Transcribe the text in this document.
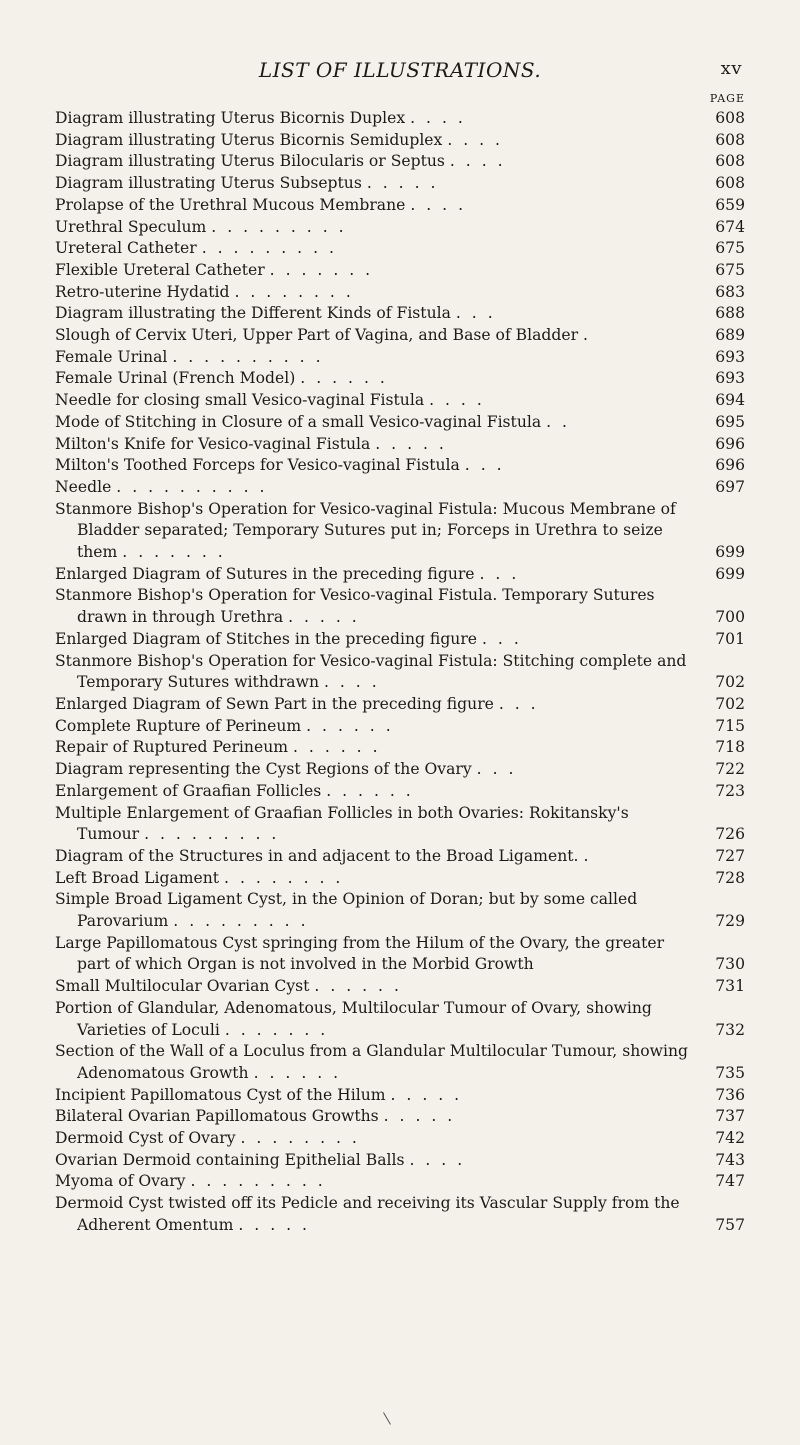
LIST OF ILLUSTRATIONS.	xv
PAGE
Diagram illustrating Uterus Bicornis Duplex . . . .	608
Diagram illustrating Uterus Bicornis Semiduplex . . . .	608
Diagram illustrating Uterus Bilocularis or Septus . . . .	608
Diagram illustrating Uterus Subseptus . . . . .	608
Prolapse of the Urethral Mucous Membrane . . . .	659
Urethral Speculum . . . . . . . . .	674
Ureteral Catheter . . . . . . . . .	675
Flexible Ureteral Catheter . . . . . . .	675
Retro-uterine Hydatid . . . . . . . .	683
Diagram illustrating the Different Kinds of Fistula . . .	688
Slough of Cervix Uteri, Upper Part of Vagina, and Base of Bladder .	689
Female Urinal . . . . . . . . . .	693
Female Urinal (French Model) . . . . . .	693
Needle for closing small Vesico-vaginal Fistula . . . .	694
Mode of Stitching in Closure of a small Vesico-vaginal Fistula . .	695
Milton's Knife for Vesico-vaginal Fistula . . . . .	696
Milton's Toothed Forceps for Vesico-vaginal Fistula . . .	696
Needle . . . . . . . . . .	697
Stanmore Bishop's Operation for Vesico-vaginal Fistula: Mucous Membrane of Bladder separated; Temporary Sutures put in; Forceps in Urethra to seize them . . . . . . .	699
Enlarged Diagram of Sutures in the preceding figure . . .	699
Stanmore Bishop's Operation for Vesico-vaginal Fistula. Temporary Sutures drawn in through Urethra . . . . .	700
Enlarged Diagram of Stitches in the preceding figure . . .	701
Stanmore Bishop's Operation for Vesico-vaginal Fistula: Stitching complete and Temporary Sutures withdrawn . . . .	702
Enlarged Diagram of Sewn Part in the preceding figure . . .	702
Complete Rupture of Perineum . . . . . .	715
Repair of Ruptured Perineum . . . . . .	718
Diagram representing the Cyst Regions of the Ovary . . .	722
Enlargement of Graafian Follicles . . . . . .	723
Multiple Enlargement of Graafian Follicles in both Ovaries: Rokitansky's Tumour . . . . . . . . .	726
Diagram of the Structures in and adjacent to the Broad Ligament. .	727
Left Broad Ligament . . . . . . . .	728
Simple Broad Ligament Cyst, in the Opinion of Doran; but by some called Parovarium . . . . . . . . .	729
Large Papillomatous Cyst springing from the Hilum of the Ovary, the greater part of which Organ is not involved in the Morbid Growth	730
Small Multilocular Ovarian Cyst . . . . . .	731
Portion of Glandular, Adenomatous, Multilocular Tumour of Ovary, showing Varieties of Loculi . . . . . . .	732
Section of the Wall of a Loculus from a Glandular Multilocular Tumour, showing Adenomatous Growth . . . . . .	735
Incipient Papillomatous Cyst of the Hilum . . . . .	736
Bilateral Ovarian Papillomatous Growths . . . . .	737
Dermoid Cyst of Ovary . . . . . . . .	742
Ovarian Dermoid containing Epithelial Balls . . . .	743
Myoma of Ovary . . . . . . . . .	747
Dermoid Cyst twisted off its Pedicle and receiving its Vascular Supply from the Adherent Omentum . . . . .	757
